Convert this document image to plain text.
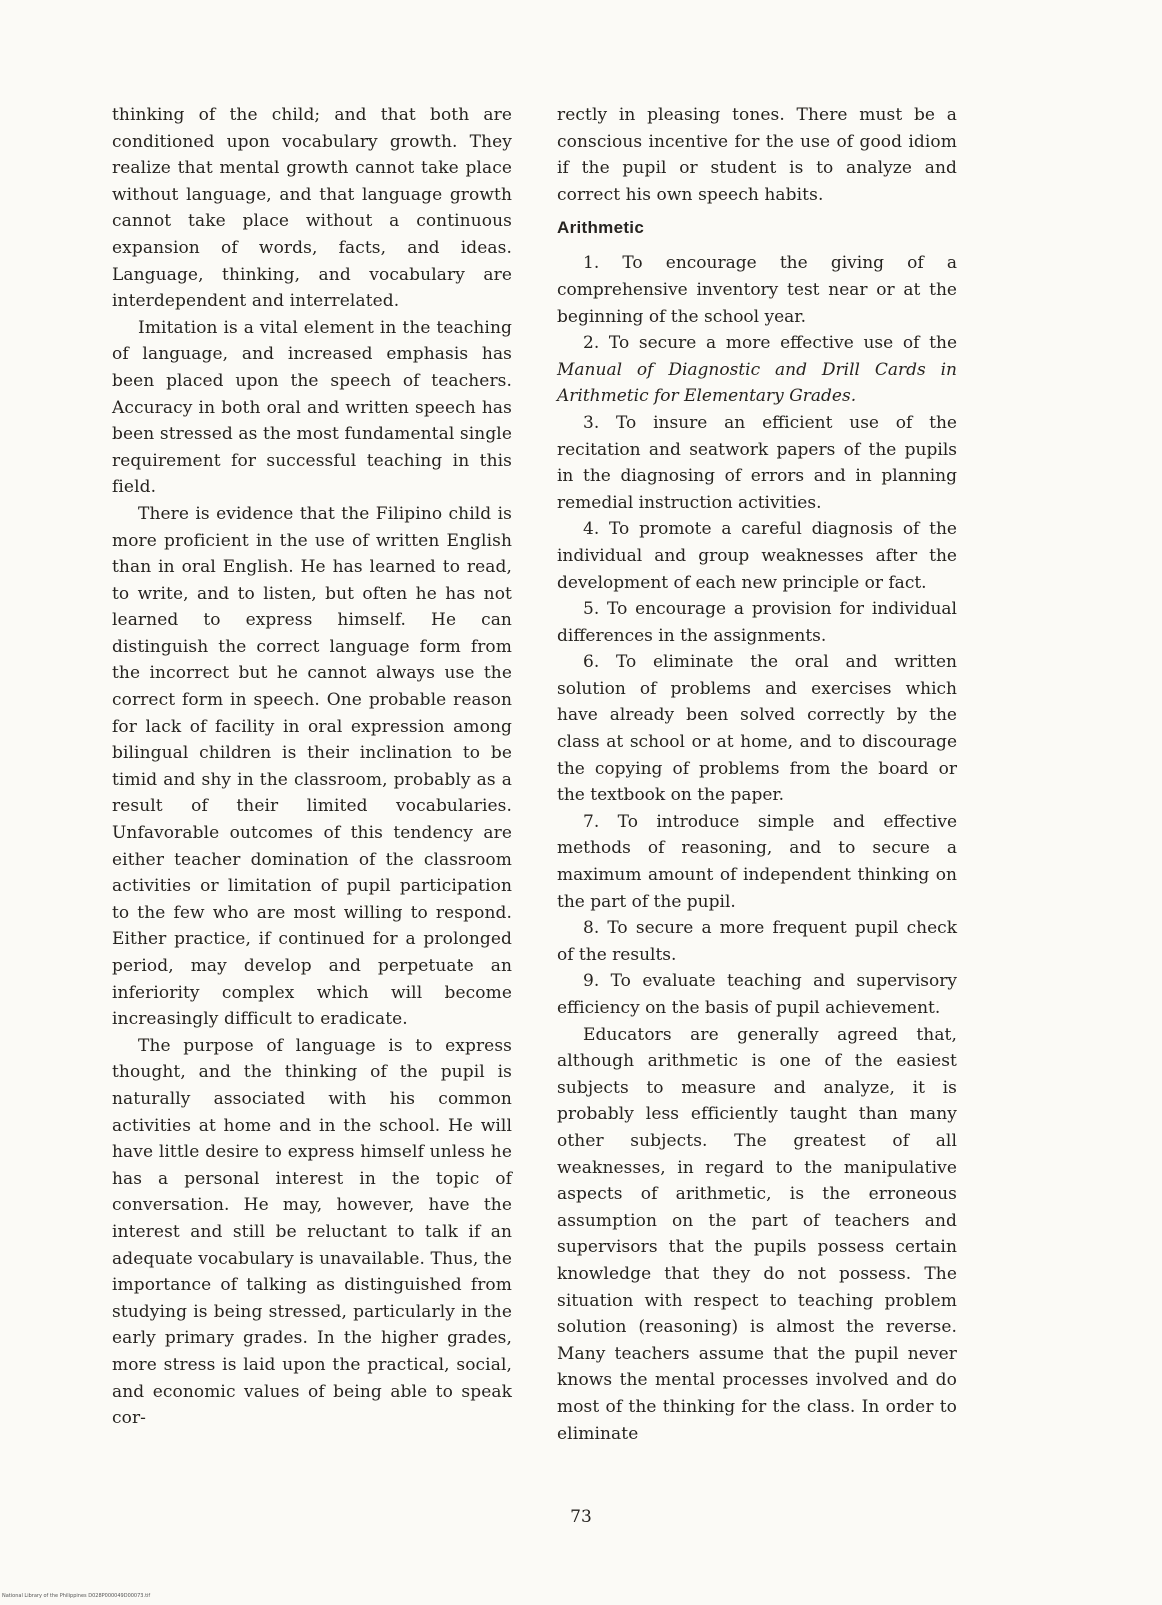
thinking of the child; and that both are conditioned upon vocabulary growth. They realize that mental growth cannot take place without language, and that language growth cannot take place without a continuous expansion of words, facts, and ideas. Language, thinking, and vocabulary are interdependent and interrelated.

Imitation is a vital element in the teaching of language, and increased emphasis has been placed upon the speech of teachers. Accuracy in both oral and written speech has been stressed as the most fundamental single requirement for successful teaching in this field.

There is evidence that the Filipino child is more proficient in the use of written English than in oral English. He has learned to read, to write, and to listen, but often he has not learned to express himself. He can distinguish the correct language form from the incorrect but he cannot always use the correct form in speech. One probable reason for lack of facility in oral expression among bilingual children is their inclination to be timid and shy in the classroom, probably as a result of their limited vocabularies. Unfavorable outcomes of this tendency are either teacher domination of the classroom activities or limitation of pupil participation to the few who are most willing to respond. Either practice, if continued for a prolonged period, may develop and perpetuate an inferiority complex which will become increasingly difficult to eradicate.

The purpose of language is to express thought, and the thinking of the pupil is naturally associated with his common activities at home and in the school. He will have little desire to express himself unless he has a personal interest in the topic of conversation. He may, however, have the interest and still be reluctant to talk if an adequate vocabulary is unavailable. Thus, the importance of talking as distinguished from studying is being stressed, particularly in the early primary grades. In the higher grades, more stress is laid upon the practical, social, and economic values of being able to speak cor-

rectly in pleasing tones. There must be a conscious incentive for the use of good idiom if the pupil or student is to analyze and correct his own speech habits.

Arithmetic

1. To encourage the giving of a comprehensive inventory test near or at the beginning of the school year.

2. To secure a more effective use of the Manual of Diagnostic and Drill Cards in Arithmetic for Elementary Grades.

3. To insure an efficient use of the recitation and seatwork papers of the pupils in the diagnosing of errors and in planning remedial instruction activities.

4. To promote a careful diagnosis of the individual and group weaknesses after the development of each new principle or fact.

5. To encourage a provision for individual differences in the assignments.

6. To eliminate the oral and written solution of problems and exercises which have already been solved correctly by the class at school or at home, and to discourage the copying of problems from the board or the textbook on the paper.

7. To introduce simple and effective methods of reasoning, and to secure a maximum amount of independent thinking on the part of the pupil.

8. To secure a more frequent pupil check of the results.

9. To evaluate teaching and supervisory efficiency on the basis of pupil achievement.

Educators are generally agreed that, although arithmetic is one of the easiest subjects to measure and analyze, it is probably less efficiently taught than many other subjects. The greatest of all weaknesses, in regard to the manipulative aspects of arithmetic, is the erroneous assumption on the part of teachers and supervisors that the pupils possess certain knowledge that they do not possess. The situation with respect to teaching problem solution (reasoning) is almost the reverse. Many teachers assume that the pupil never knows the mental processes involved and do most of the thinking for the class. In order to eliminate

73
National Library of the Philippines D028P000049D00073.tif
